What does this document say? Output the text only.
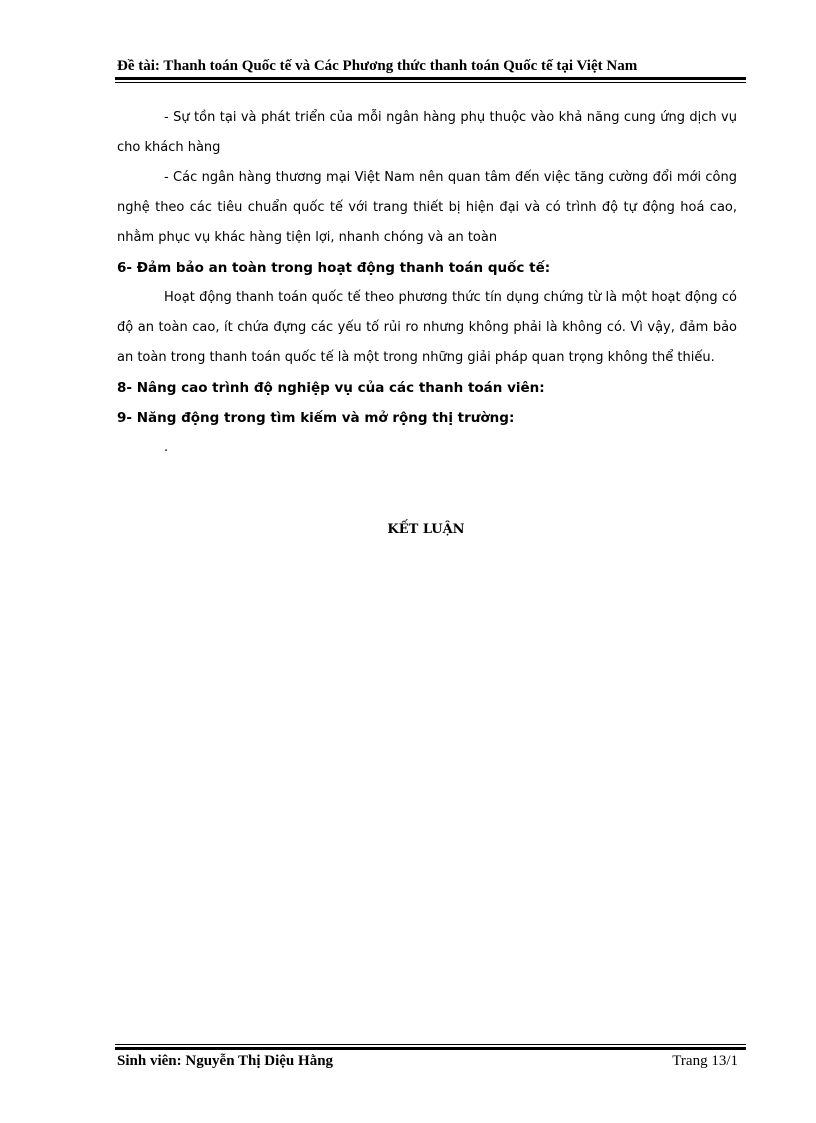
Đề tài: Thanh toán Quốc tế và Các Phương thức thanh toán Quốc tế tại Việt Nam

- Sự tồn tại và phát triển của mỗi ngân hàng phụ thuộc vào khả năng cung ứng dịch vụ cho khách hàng

- Các ngân hàng thương mại Việt Nam nên quan tâm đến việc tăng cường đổi mới công nghệ theo các tiêu chuẩn quốc tế với trang thiết bị hiện đại và có trình độ tự động hoá cao, nhằm phục vụ khác hàng tiện lợi, nhanh chóng và an toàn

6- Đảm bảo an toàn trong hoạt động thanh toán quốc tế:

Hoạt động thanh toán quốc tế theo phương thức tín dụng chứng từ là một hoạt động có độ an toàn cao, ít chứa đựng các yếu tố rủi ro nhưng không phải là không có. Vì vậy, đảm bảo an toàn trong thanh toán quốc tế là một trong những giải pháp quan trọng không thể thiếu.

8- Nâng cao trình độ nghiệp vụ của các thanh toán viên:

9- Năng động trong tìm kiếm và mở rộng thị trường:

.

KẾT LUẬN
Sinh viên: Nguyễn Thị Diệu Hằng	Trang 13/1
